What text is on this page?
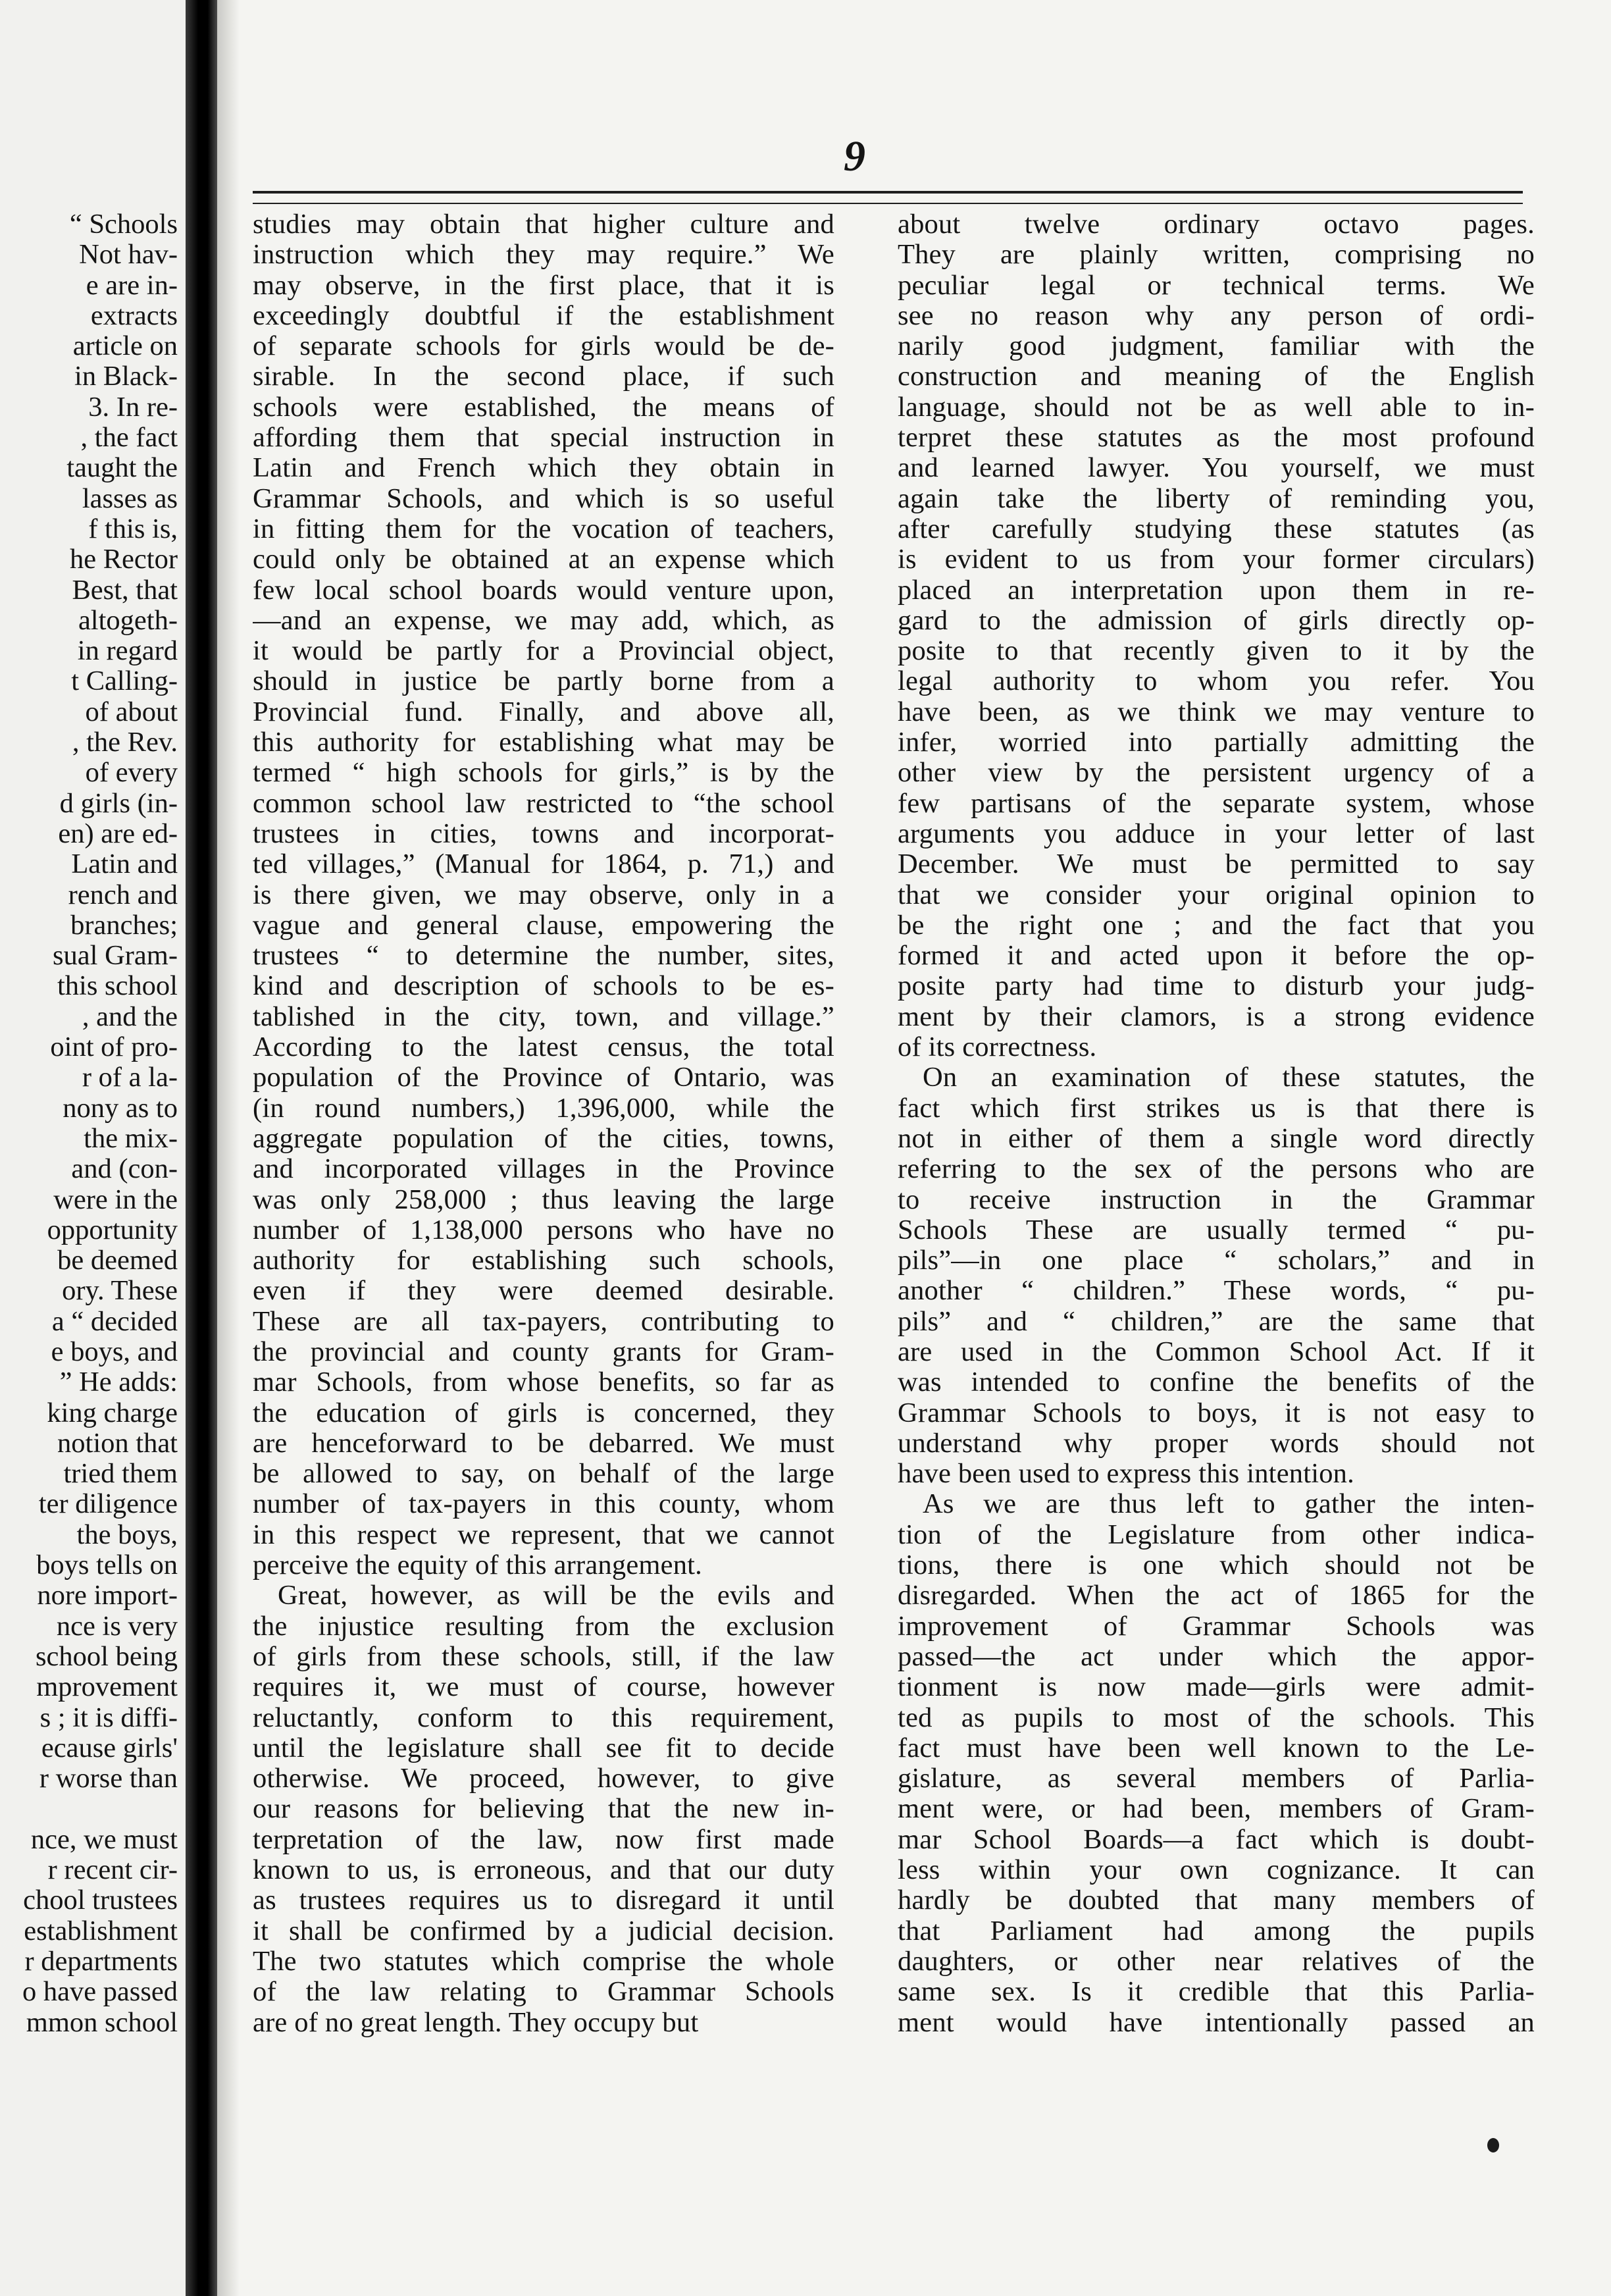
“ Schools
Not hav-
e are in-
extracts
article on
in Black-
3. In re-
, the fact
taught the
lasses as
f this is,
he Rector
Best, that
altogeth-
in regard
t Calling-
of about
, the Rev.
of every
d girls (in-
en) are ed-
Latin and
rench and
branches;
sual Gram-
this school
, and the
oint of pro-
r of a la-
nony as to
the mix-
and (con-
were in the
opportunity
be deemed
ory. These
a “ decided
e boys, and
” He adds:
king charge
notion that
tried them
ter diligence
the boys,
boys tells on
nore import-
nce is very
school being
mprovement
s ; it is diffi-
ecause girls'
r worse than
nce, we must
r recent cir-
chool trustees
establishment
r departments
o have passed
mmon school
9
studies may obtain that higher culture and
instruction which they may require.” We
may observe, in the first place, that it is
exceedingly doubtful if the establishment
of separate schools for girls would be de-
sirable. In the second place, if such
schools were established, the means of
affording them that special instruction in
Latin and French which they obtain in
Grammar Schools, and which is so useful
in fitting them for the vocation of teachers,
could only be obtained at an expense which
few local school boards would venture upon,
—and an expense, we may add, which, as
it would be partly for a Provincial object,
should in justice be partly borne from a
Provincial fund. Finally, and above all,
this authority for establishing what may be
termed “ high schools for girls,” is by the
common school law restricted to “the school
trustees in cities, towns and incorporat-
ted villages,” (Manual for 1864, p. 71,) and
is there given, we may observe, only in a
vague and general clause, empowering the
trustees “ to determine the number, sites,
kind and description of schools to be es-
tablished in the city, town, and village.”
According to the latest census, the total
population of the Province of Ontario, was
(in round numbers,) 1,396,000, while the
aggregate population of the cities, towns,
and incorporated villages in the Province
was only 258,000 ; thus leaving the large
number of 1,138,000 persons who have no
authority for establishing such schools,
even if they were deemed desirable.
These are all tax-payers, contributing to
the provincial and county grants for Gram-
mar Schools, from whose benefits, so far as
the education of girls is concerned, they
are henceforward to be debarred. We must
be allowed to say, on behalf of the large
number of tax-payers in this county, whom
in this respect we represent, that we cannot
perceive the equity of this arrangement.
Great, however, as will be the evils and
the injustice resulting from the exclusion
of girls from these schools, still, if the law
requires it, we must of course, however
reluctantly, conform to this requirement,
until the legislature shall see fit to decide
otherwise. We proceed, however, to give
our reasons for believing that the new in-
terpretation of the law, now first made
known to us, is erroneous, and that our duty
as trustees requires us to disregard it until
it shall be confirmed by a judicial decision.
The two statutes which comprise the whole
of the law relating to Grammar Schools
are of no great length. They occupy but
about twelve ordinary octavo pages.
They are plainly written, comprising no
peculiar legal or technical terms. We
see no reason why any person of ordi-
narily good judgment, familiar with the
construction and meaning of the English
language, should not be as well able to in-
terpret these statutes as the most profound
and learned lawyer. You yourself, we must
again take the liberty of reminding you,
after carefully studying these statutes (as
is evident to us from your former circulars)
placed an interpretation upon them in re-
gard to the admission of girls directly op-
posite to that recently given to it by the
legal authority to whom you refer. You
have been, as we think we may venture to
infer, worried into partially admitting the
other view by the persistent urgency of a
few partisans of the separate system, whose
arguments you adduce in your letter of last
December. We must be permitted to say
that we consider your original opinion to
be the right one ; and the fact that you
formed it and acted upon it before the op-
posite party had time to disturb your judg-
ment by their clamors, is a strong evidence
of its correctness.
On an examination of these statutes, the
fact which first strikes us is that there is
not in either of them a single word directly
referring to the sex of the persons who are
to receive instruction in the Grammar
Schools These are usually termed “ pu-
pils”—in one place “ scholars,” and in
another “ children.” These words, “ pu-
pils” and “ children,” are the same that
are used in the Common School Act. If it
was intended to confine the benefits of the
Grammar Schools to boys, it is not easy to
understand why proper words should not
have been used to express this intention.
As we are thus left to gather the inten-
tion of the Legislature from other indica-
tions, there is one which should not be
disregarded. When the act of 1865 for the
improvement of Grammar Schools was
passed—the act under which the appor-
tionment is now made—girls were admit-
ted as pupils to most of the schools. This
fact must have been well known to the Le-
gislature, as several members of Parlia-
ment were, or had been, members of Gram-
mar School Boards—a fact which is doubt-
less within your own cognizance. It can
hardly be doubted that many members of
that Parliament had among the pupils
daughters, or other near relatives of the
same sex. Is it credible that this Parlia-
ment would have intentionally passed an
